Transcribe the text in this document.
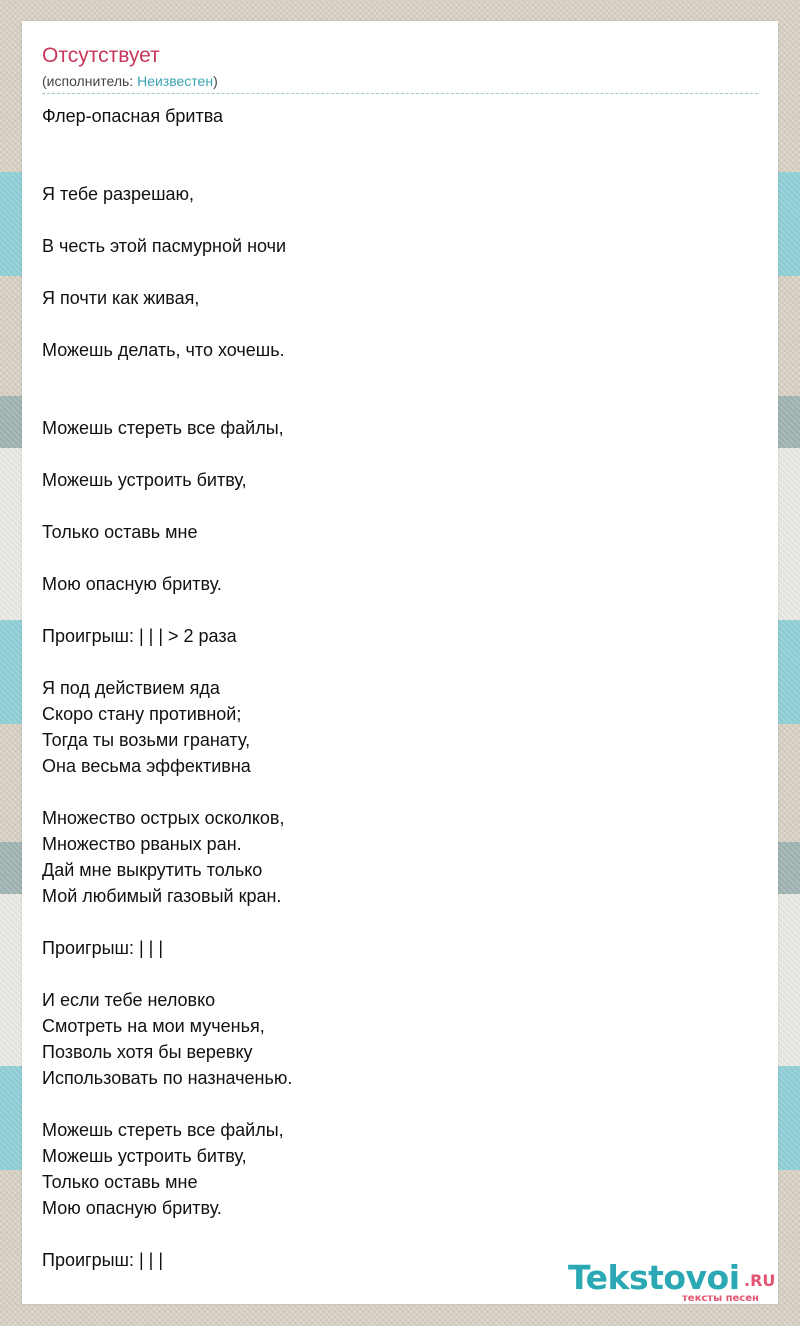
Отсутствует
(исполнитель: Неизвестен)
Флер-опасная бритва

Я тебе разрешаю,

В честь этой пасмурной ночи

Я почти как живая,

Можешь делать, что хочешь.

Можешь стереть все файлы,

Можешь устроить битву,

Только оставь мне

Мою опасную бритву.

Проигрыш: | | | > 2 раза

Я под действием яда
Скоро стану противной;
Тогда ты возьми гранату,
Она весьма эффективна

Множество острых осколков,
Множество рваных ран.
Дай мне выкрутить только
Мой любимый газовый кран.

Проигрыш: | | |

И если тебе неловко
Смотреть на мои мученья,
Позволь хотя бы веревку
Использовать по назначенью.

Можешь стереть все файлы,
Можешь устроить битву,
Только оставь мне
Мою опасную бритву.

Проигрыш: | | |	Tekstovoi .RU
тексты песен
